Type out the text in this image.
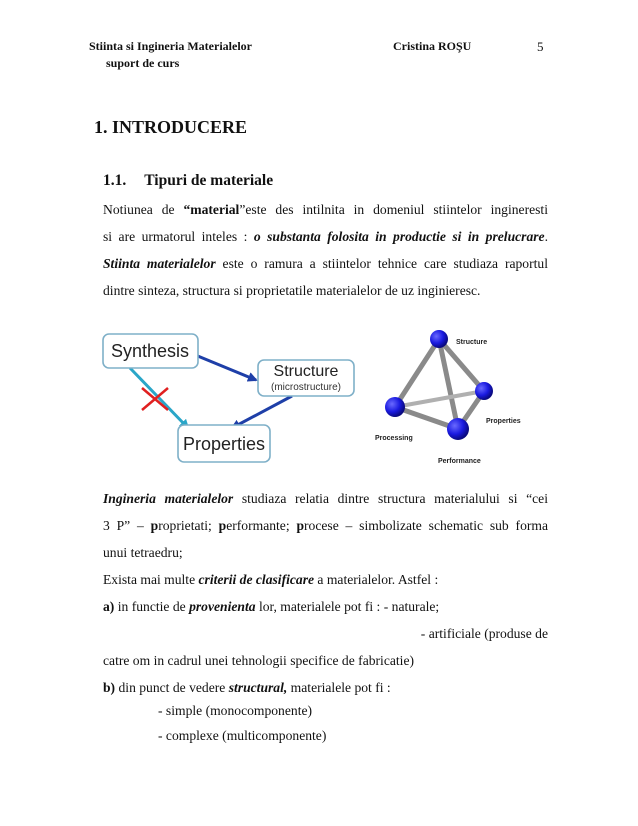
Stiinta si Ingineria Materialelor
suport de curs
Cristina ROŞU	5
1. INTRODUCERE
1.1. Tipuri de materiale
Notiunea de “material”este des intilnita in domeniul stiintelor ingineresti
si are urmatorul inteles : o substanta folosita in productie si in prelucrare.
Stiinta materialelor este o ramura a stiintelor tehnice care studiaza raportul
dintre sinteza, structura si proprietatile materialelor de uz inginieresc.
Synthesis
Structure
(microstructure)
Properties
Structure
Properties
Processing
Performance
Ingineria materialelor studiaza relatia dintre structura materialului si “cei
3 P” – proprietati; performante; procese – simbolizate schematic sub forma
unui tetraedru;
Exista mai multe criterii de clasificare a materialelor. Astfel :
a) in functie de provenienta lor, materialele pot fi : - naturale;
- artificiale (produse de
catre om in cadrul unei tehnologii specifice de fabricatie)
b) din punct de vedere structural, materialele pot fi :
- simple (monocomponente)
- complexe (multicomponente)
